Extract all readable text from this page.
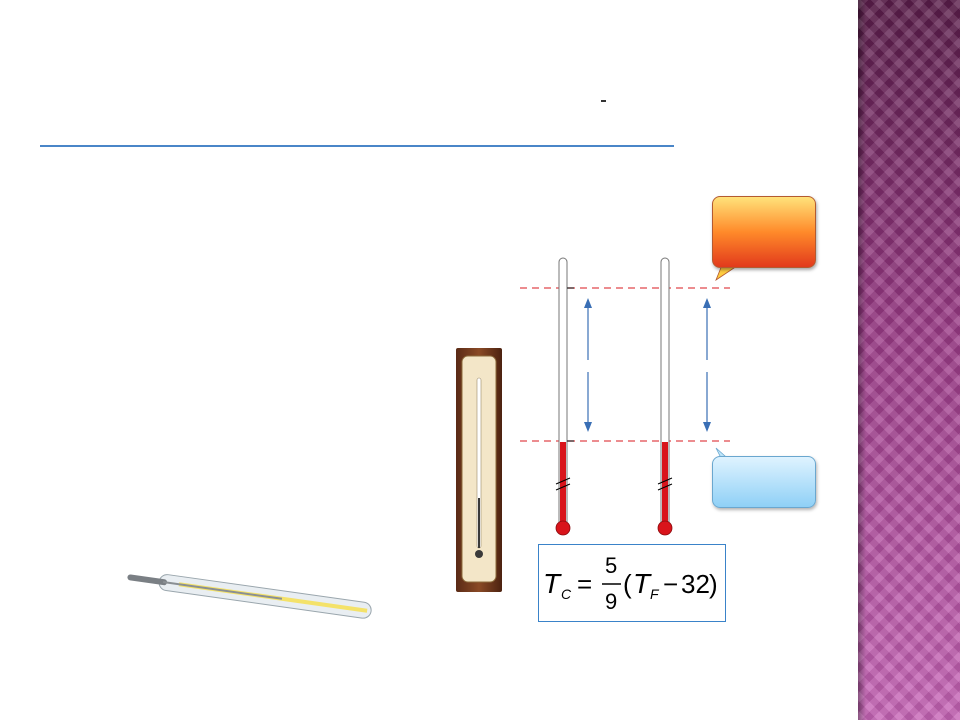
T C =
5
9
( T F − 32 )
